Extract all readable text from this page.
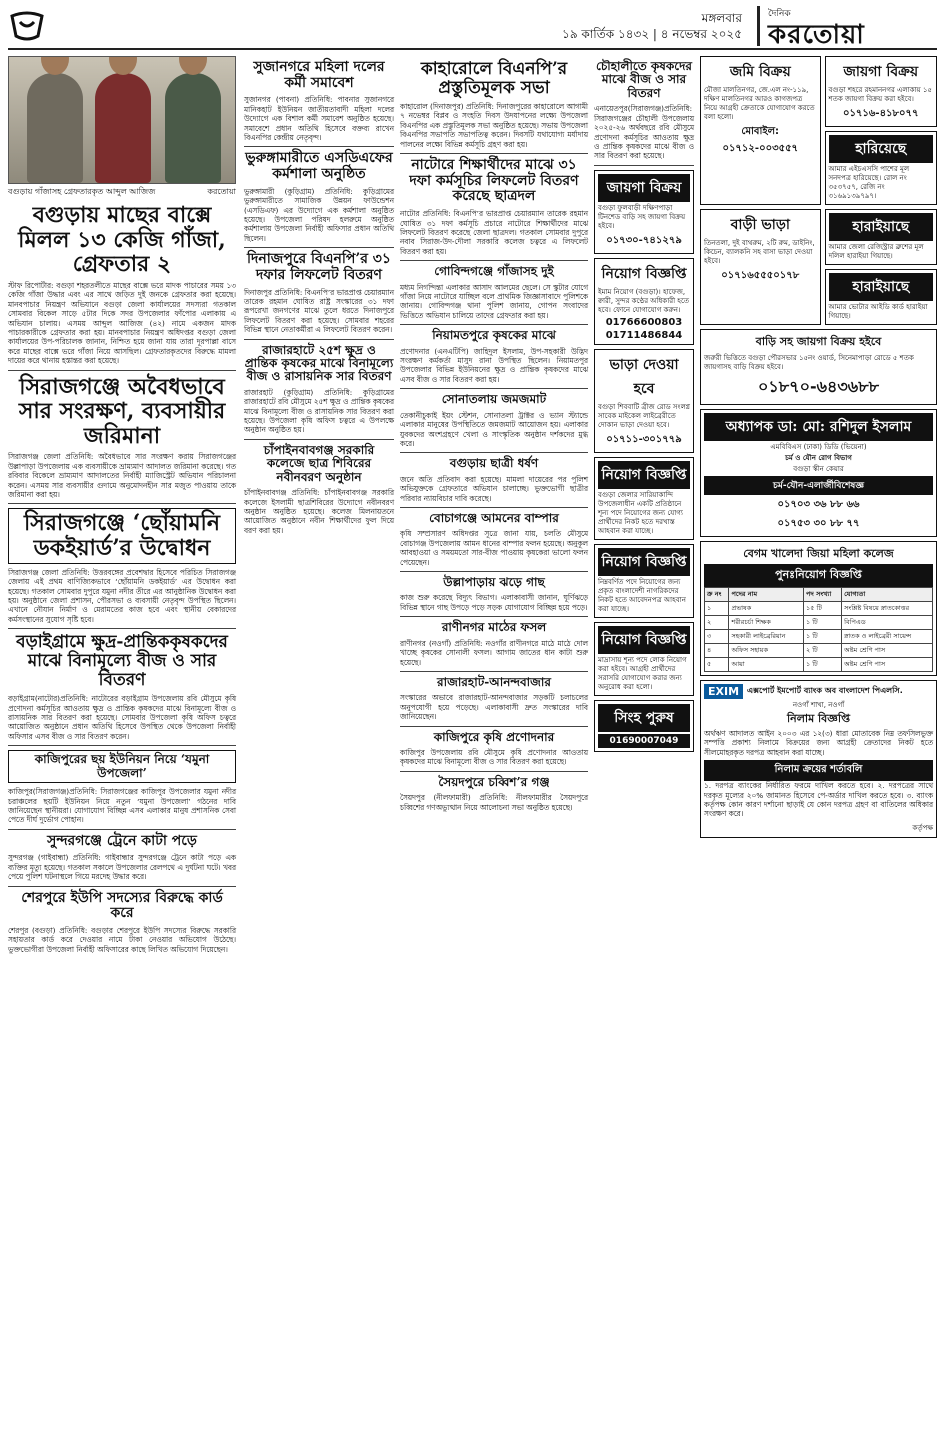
মঙ্গলবার
১৯ কার্তিক ১৪৩২ | ৪ নভেম্বর ২০২৫
দৈনিক
করতোয়া
বগুড়ায় গাঁজাসহ গ্রেফতারকৃত আব্দুল আজিজ	করতোয়া
বগুড়ায় মাছের বাক্সে মিলল ১৩ কেজি গাঁজা, গ্রেফতার ২
স্টাফ রিপোর্টার: বগুড়া শহরতলীতে মাছের বাক্সে ভরে মাদক পাচারের সময় ১৩ কেজি গাঁজা উদ্ধার এবং এর সাথে জড়িত দুই জনকে গ্রেফতার করা হয়েছে। মানবপাচার নিয়ন্ত্রণ অভিযানে বগুড়া জেলা কার্যালয়ের সদস্যরা গতকাল সোমবার বিকেল সাড়ে ৫টার দিকে সদর উপজেলার ফাঁপোর এলাকায় এ অভিযান চালায়। এসময় আব্দুল আজিজ (৪২) নামে একজন মাদক পাচারকারীকে গ্রেফতার করা হয়। মানবপাচার নিয়ন্ত্রণ অধিদপ্তর বগুড়া জেলা কার্যালয়ের উপ-পরিচালক জানান, নিশ্চিত হয়ে জানা যায় তারা দূরপাল্লা বাসে করে মাছের বাক্সে ভরে গাঁজা নিয়ে আসছিল। গ্রেফতারকৃতদের বিরুদ্ধে মামলা দায়ের করে থানায় হস্তান্তর করা হয়েছে।
সিরাজগঞ্জে অবৈধভাবে সার সংরক্ষণ, ব্যবসায়ীর জরিমানা
সিরাজগঞ্জ জেলা প্রতিনিধি: অবৈধভাবে সার সংরক্ষণ করায় সিরাজগঞ্জের উল্লাপাড়া উপজেলায় এক ব্যবসায়ীকে ভ্রাম্যমাণ আদালত জরিমানা করেছে। গত রবিবার বিকেলে ভ্রাম্যমাণ আদালতের নির্বাহী ম্যাজিস্ট্রেট অভিযান পরিচালনা করেন। এসময় সার ব্যবসায়ীর গুদামে অনুমোদনহীন সার মজুত পাওয়ায় তাকে জরিমানা করা হয়।
সিরাজগঞ্জে ‘ছোঁয়ামনি ডকইয়ার্ড’র উদ্বোধন
সিরাজগঞ্জ জেলা প্রতিনিধি: উত্তরবঙ্গের প্রবেশদ্বার হিসেবে পরিচিত সিরাজগঞ্জ জেলায় এই প্রথম বাণিজ্যিকভাবে ‘ছোঁয়ামনি ডকইয়ার্ড’ এর উদ্বোধন করা হয়েছে। গতকাল সোমবার দুপুরে যমুনা নদীর তীরে এর আনুষ্ঠানিক উদ্বোধন করা হয়। অনুষ্ঠানে জেলা প্রশাসন, পৌরসভা ও ব্যবসায়ী নেতৃবৃন্দ উপস্থিত ছিলেন। এখানে নৌযান নির্মাণ ও মেরামতের কাজ হবে এবং স্থানীয় বেকারদের কর্মসংস্থানের সুযোগ সৃষ্টি হবে।
বড়াইগ্রামে ক্ষুদ্র-প্রান্তিককৃষকদের মাঝে বিনামূল্যে বীজ ও সার বিতরণ
বড়াইগ্রাম(নাটোর)প্রতিনিধি: নাটোরের বড়াইগ্রাম উপজেলায় রবি মৌসুমে কৃষি প্রণোদনা কর্মসূচির আওতায় ক্ষুদ্র ও প্রান্তিক কৃষকদের মাঝে বিনামূল্যে বীজ ও রাসায়নিক সার বিতরণ করা হয়েছে। সোমবার উপজেলা কৃষি অফিস চত্বরে আয়োজিত অনুষ্ঠানে প্রধান অতিথি হিসেবে উপস্থিত থেকে উপজেলা নির্বাহী অফিসার এসব বীজ ও সার বিতরণ করেন।
কাজিপুরের ছয় ইউনিয়ন নিয়ে ‘যমুনা উপজেলা’
কাজিপুর(সিরাজগঞ্জ)প্রতিনিধি: সিরাজগঞ্জের কাজিপুর উপজেলার যমুনা নদীর চরাঞ্চলের ছয়টি ইউনিয়ন নিয়ে নতুন ‘যমুনা উপজেলা’ গঠনের দাবি জানিয়েছেন স্থানীয়রা। যোগাযোগ বিচ্ছিন্ন এসব এলাকার মানুষ প্রশাসনিক সেবা পেতে দীর্ঘ দুর্ভোগ পোহান।
সুন্দরগঞ্জে ট্রেনে কাটা পড়ে
সুন্দরগঞ্জ (গাইবান্ধা) প্রতিনিধি: গাইবান্ধার সুন্দরগঞ্জে ট্রেনে কাটা পড়ে এক ব্যক্তির মৃত্যু হয়েছে। গতকাল সকালে উপজেলার রেলপথে এ দুর্ঘটনা ঘটে। খবর পেয়ে পুলিশ ঘটনাস্থলে গিয়ে মরদেহ উদ্ধার করে।
শেরপুরে ইউপি সদস্যের বিরুদ্ধে কার্ড করে
শেরপুর (বগুড়া) প্রতিনিধি: বগুড়ার শেরপুরে ইউপি সদস্যের বিরুদ্ধে সরকারি সহায়তার কার্ড করে দেওয়ার নামে টাকা নেওয়ার অভিযোগ উঠেছে। ভুক্তভোগীরা উপজেলা নির্বাহী অফিসারের কাছে লিখিত অভিযোগ দিয়েছেন।
সুজানগরে মহিলা দলের কর্মী সমাবেশ
সুজানগর (পাবনা) প্রতিনিধি: পাবনার সুজানগরে মানিকহাট ইউনিয়ন জাতীয়তাবাদী মহিলা দলের উদ্যোগে এক বিশাল কর্মী সমাবেশ অনুষ্ঠিত হয়েছে। সমাবেশে প্রধান অতিথি হিসেবে বক্তব্য রাখেন বিএনপির কেন্দ্রীয় নেতৃবৃন্দ।
ভুরুঙ্গামারীতে এসডিএফের কর্মশালা অনুষ্ঠিত
ভুরুঙ্গামারী (কুড়িগ্রাম) প্রতিনিধি: কুড়িগ্রামের ভুরুঙ্গামারীতে সামাজিক উন্নয়ন ফাউন্ডেশন (এসডিএফ) এর উদ্যোগে এক কর্মশালা অনুষ্ঠিত হয়েছে। উপজেলা পরিষদ হলরুমে অনুষ্ঠিত কর্মশালায় উপজেলা নির্বাহী অফিসার প্রধান অতিথি ছিলেন।
দিনাজপুরে বিএনপি’র ৩১ দফার লিফলেট বিতরণ
দিনাজপুর প্রতিনিধি: বিএনপি’র ভারপ্রাপ্ত চেয়ারম্যান তারেক রহমান ঘোষিত রাষ্ট্র সংস্কারের ৩১ দফা রূপরেখা জনগণের মাঝে তুলে ধরতে দিনাজপুরে লিফলেট বিতরণ করা হয়েছে। সোমবার শহরের বিভিন্ন স্থানে নেতাকর্মীরা এ লিফলেট বিতরণ করেন।
রাজারহাটে ২৫শ ক্ষুদ্র ও প্রান্তিক কৃষকের মাঝে বিনামূল্যে বীজ ও রাসায়নিক সার বিতরণ
রাজারহাট (কুড়িগ্রাম) প্রতিনিধি: কুড়িগ্রামের রাজারহাটে রবি মৌসুমে ২৫শ ক্ষুদ্র ও প্রান্তিক কৃষকের মাঝে বিনামূল্যে বীজ ও রাসায়নিক সার বিতরণ করা হয়েছে। উপজেলা কৃষি অফিস চত্বরে এ উপলক্ষে অনুষ্ঠান অনুষ্ঠিত হয়।
চাঁপাইনবাবগঞ্জ সরকারি কলেজে ছাত্র শিবিরের নবীনবরণ অনুষ্ঠান
চাঁপাইনবাবগঞ্জ প্রতিনিধি: চাঁপাইনবাবগঞ্জ সরকারি কলেজে ইসলামী ছাত্রশিবিরের উদ্যোগে নবীনবরণ অনুষ্ঠান অনুষ্ঠিত হয়েছে। কলেজ মিলনায়তনে আয়োজিত অনুষ্ঠানে নবীন শিক্ষার্থীদের ফুল দিয়ে বরণ করা হয়।
কাহারোলে বিএনপি’র প্রস্তুতিমূলক সভা
কাহারোল (দিনাজপুর) প্রতিনিধি: দিনাজপুরের কাহারোলে আগামী ৭ নভেম্বর বিপ্লব ও সংহতি দিবস উদযাপনের লক্ষ্যে উপজেলা বিএনপির এক প্রস্তুতিমূলক সভা অনুষ্ঠিত হয়েছে। সভায় উপজেলা বিএনপির সভাপতি সভাপতিত্ব করেন। দিবসটি যথাযোগ্য মর্যাদায় পালনের লক্ষ্যে বিভিন্ন কর্মসূচি গ্রহণ করা হয়।
নাটোরে শিক্ষার্থীদের মাঝে ৩১ দফা কর্মসূচির লিফলেট বিতরণ করেছে ছাত্রদল
নাটোর প্রতিনিধি: বিএনপি’র ভারপ্রাপ্ত চেয়ারম্যান তারেক রহমান ঘোষিত ৩১ দফা কর্মসূচি প্রচারে নাটোরে শিক্ষার্থীদের মাঝে লিফলেট বিতরণ করেছে জেলা ছাত্রদল। গতকাল সোমবার দুপুরে নবাব সিরাজ-উদ-দৌলা সরকারি কলেজ চত্বরে এ লিফলেট বিতরণ করা হয়।
গোবিন্দগঞ্জে গাঁজাসহ দুই
মধ্যম নিগন্দিন্তা এলাকার আসাদ আলমের ছেলে। সে স্কুটার যোগে গাঁজা নিয়ে নাটোরে যাচ্ছিল বলে প্রাথমিক জিজ্ঞাসাবাদে পুলিশকে জানায়। গোবিন্দগঞ্জ থানা পুলিশ জানায়, গোপন সংবাদের ভিত্তিতে অভিযান চালিয়ে তাদের গ্রেফতার করা হয়।
নিয়ামতপুরে কৃষকের মাঝে
প্রণোদনার (এনএটিপি) জাহিদুল ইসলাম, উপ-সহকারী উদ্ভিদ সংরক্ষণ কর্মকর্তা মাসুদ রানা উপস্থিত ছিলেন। নিয়ামতপুর উপজেলার বিভিন্ন ইউনিয়নের ক্ষুদ্র ও প্রান্তিক কৃষকদের মাঝে এসব বীজ ও সার বিতরণ করা হয়।
সোনাতলায় জমজমাট
তেকানীচুকাই ইয়ং স্টেশন, সোনাতলা ট্রাক্টর ও ভ্যান স্ট্যান্ডে এলাকার মানুষের উপস্থিতিতে জমজমাট আয়োজন হয়। এলাকার যুবকদের অংশগ্রহণে খেলা ও সাংস্কৃতিক অনুষ্ঠান দর্শকদের মুগ্ধ করে।
বগুড়ায় ছাত্রী ধর্ষণ
জনে অতি প্রতিবাদ করা হয়েছে। মামলা দায়েরের পর পুলিশ অভিযুক্তকে গ্রেফতারে অভিযান চালাচ্ছে। ভুক্তভোগী ছাত্রীর পরিবার ন্যায়বিচার দাবি করেছে।
বোচাগঞ্জে আমনের বাম্পার
কৃষি সম্প্রসারণ অধিদপ্তর সূত্রে জানা যায়, চলতি মৌসুমে বোচাগঞ্জ উপজেলায় আমন ধানের বাম্পার ফলন হয়েছে। অনুকূল আবহাওয়া ও সময়মতো সার-বীজ পাওয়ায় কৃষকেরা ভালো ফলন পেয়েছেন।
উল্লাপাড়ায় ঝড়ে গাছ
কাজ শুরু করেছে বিদ্যুৎ বিভাগ। এলাকাবাসী জানান, ঘূর্ণিঝড়ে বিভিন্ন স্থানে গাছ উপড়ে পড়ে সড়ক যোগাযোগ বিচ্ছিন্ন হয়ে পড়ে।
রাণীনগর মাঠের ফসল
রাণীনগর (নওগাঁ) প্রতিনিধি: নওগাঁর রাণীনগরে মাঠে মাঠে দোল খাচ্ছে কৃষকের সোনালী ফসল। আগাম জাতের ধান কাটা শুরু হয়েছে।
রাজারহাট-আনন্দবাজার
সংস্কারের অভাবে রাজারহাট-আনন্দবাজার সড়কটি চলাচলের অনুপযোগী হয়ে পড়েছে। এলাকাবাসী দ্রুত সংস্কারের দাবি জানিয়েছেন।
কাজিপুরে কৃষি প্রণোদনার
কাজিপুর উপজেলায় রবি মৌসুমে কৃষি প্রণোদনার আওতায় কৃষকদের মাঝে বিনামূল্যে বীজ ও সার বিতরণ করা হয়েছে।
সৈয়দপুরে চব্বিশ’র গঞ্জ
সৈয়দপুর (নীলফামারী) প্রতিনিধি: নীলফামারীর সৈয়দপুরে চব্বিশের গণঅভ্যুত্থান নিয়ে আলোচনা সভা অনুষ্ঠিত হয়েছে।
চৌহালীতে কৃষকদের মাঝে বীজ ও সার বিতরণ
এনায়েতপুর(সিরাজগঞ্জ)প্রতিনিধি: সিরাজগঞ্জের চৌহালী উপজেলায় ২০২৫-২৬ অর্থবছরে রবি মৌসুমে প্রণোদনা কর্মসূচির আওতায় ক্ষুদ্র ও প্রান্তিক কৃষকদের মাঝে বীজ ও সার বিতরণ করা হয়েছে।
জায়গা বিক্রয়
বগুড়া ফুলবাড়ী দক্ষিণপাড়া টিনশেড বাড়ি সহ জায়গা বিক্রয় হইবে।
০১৭৩০-৭৪১২৭৯
নিয়োগ বিজ্ঞপ্তি
ইমাম নিয়োগ (বগুড়া)। হাফেজ, ক্বারী, সুন্দর কণ্ঠের অধিকারী হতে হবে। ফোনে যোগাযোগ করুন।
01766600803
01711486844
ভাড়া দেওয়া হবে
বগুড়া শিববাটি ব্রীজ রোড সংলগ্ন সাবেক মাইকেল লাইব্রেরীতে দোকান ভাড়া দেওয়া হবে।
০১৭১১-৩০১৭৭৯
নিয়োগ বিজ্ঞপ্তি
বগুড়া জেলার সারিয়াকান্দি উপজেলাধীন একটি প্রতিষ্ঠানে শূন্য পদে নিয়োগের জন্য যোগ্য প্রার্থীদের নিকট হতে দরখাস্ত আহবান করা যাচ্ছে।
নিয়োগ বিজ্ঞপ্তি
নিম্নবর্ণিত পদে নিয়োগের জন্য প্রকৃত বাংলাদেশী নাগরিকদের নিকট হতে আবেদনপত্র আহবান করা যাচ্ছে।
নিয়োগ বিজ্ঞপ্তি
মাদ্রাসায় শূন্য পদে লোক নিয়োগ করা হইবে। আগ্রহী প্রার্থীদের সরাসরি যোগাযোগ করার জন্য অনুরোধ করা হলো।
সিংহ পুরুষ
01690007049
জমি বিক্রয়
মৌজা মালতিনগর, জে.এল নং-১১৯, দক্ষিণ মালতিনগর আরও কাগজপত্র নিয়ে আগ্রহী ক্রেতাকে যোগাযোগ করতে বলা হলো।
মোবাইল: ০১৭১২-০০৩৫৫৭
জায়গা বিক্রয়
বগুড়া শহরে রহমাননগর এলাকায় ১৫ শতক জায়গা বিক্রয় করা হইবে।
০১৭১৬-৪১৮০৭৭
হারিয়েছে
আমার এইচএসসি পাশের মূল সনদপত্র হারিয়েছে। রোল নং ৩৫৩৭৫৭, রেজি নং ৩১৬৯১৩৯৭৯৭।
বাড়ী ভাড়া
তিনতলা, দুই বাথরুম, ২টি রুম, ডাইনিং, কিচেন, ব্যালকনি সহ বাসা ভাড়া দেওয়া হইবে।
০১৭১৬৫৫৫০১৭৮
হারাইয়াছে
আমার জেলা রেজিস্ট্রার ব্রুশের মূল দলিল হারাইয়া গিয়াছে।
হারাইয়াছে
আমার ভোটার আইডি কার্ড হারাইয়া গিয়াছে।
বাড়ি সহ জায়গা বিক্রয় হইবে
জরুরী ভিত্তিতে বগুড়া পৌরসভার ১৫নং ওয়ার্ড, সিনেমাপাড়া রোডে ৫ শতক জায়গাসহ বাড়ি বিক্রয় হইবে।
০১৮৭০-৬৪৩৬৮৮
অধ্যাপক ডা: মো: রশিদুল ইসলাম
এমবিবিএস (ঢাকা) ডিডি (ভিয়েনা)
চর্ম ও যৌন রোগ বিভাগ
বগুড়া স্কীন কেয়ার
চর্ম-যৌন-এলার্জীবিশেষজ্ঞ
০১৭০৩ ৩৬ ৮৮ ৬৬
০১৭৫৩ ৩০ ৮৮ ৭৭
বেগম খালেদা জিয়া মহিলা কলেজ
পুনঃনিয়োগ বিজ্ঞপ্তি
ক্র নং	পদের নাম	পদ সংখ্যা	যোগ্যতা
১	প্রভাষক	১৫ টি	সংশ্লিষ্ট বিষয়ে স্নাতকোত্তর
২	শরীরচর্চা শিক্ষক	১ টি	বিপিএড
৩	সহকারী লাইব্রেরিয়ান	১ টি	স্নাতক ও লাইব্রেরী সায়েন্স
৪	অফিস সহায়ক	২ টি	অষ্টম শ্রেণি পাস
৫	আয়া	১ টি	অষ্টম শ্রেণি পাস
EXIM	এক্সপোর্ট ইমপোর্ট ব্যাংক অব বাংলাদেশ পিএলসি.
নওগাঁ শাখা, নওগাঁ
নিলাম বিজ্ঞপ্তি
অর্থঋণ আদালত আইন ২০০৩ এর ১২(৩) ধারা মোতাবেক নিম্ন তফসিলভুক্ত সম্পত্তি প্রকাশ্য নিলামে বিক্রয়ের জন্য আগ্রহী ক্রেতাদের নিকট হতে সীলমোহরকৃত দরপত্র আহবান করা যাচ্ছে।
নিলাম ক্রয়ের শর্তাবলি
১. দরপত্র ব্যাংকের নির্ধারিত ফরমে দাখিল করতে হবে। ২. দরপত্রের সাথে দরকৃত মূল্যের ২০% জামানত হিসেবে পে-অর্ডার দাখিল করতে হবে। ৩. ব্যাংক কর্তৃপক্ষ কোন কারণ দর্শানো ছাড়াই যে কোন দরপত্র গ্রহণ বা বাতিলের অধিকার সংরক্ষণ করে।
কর্তৃপক্ষ
